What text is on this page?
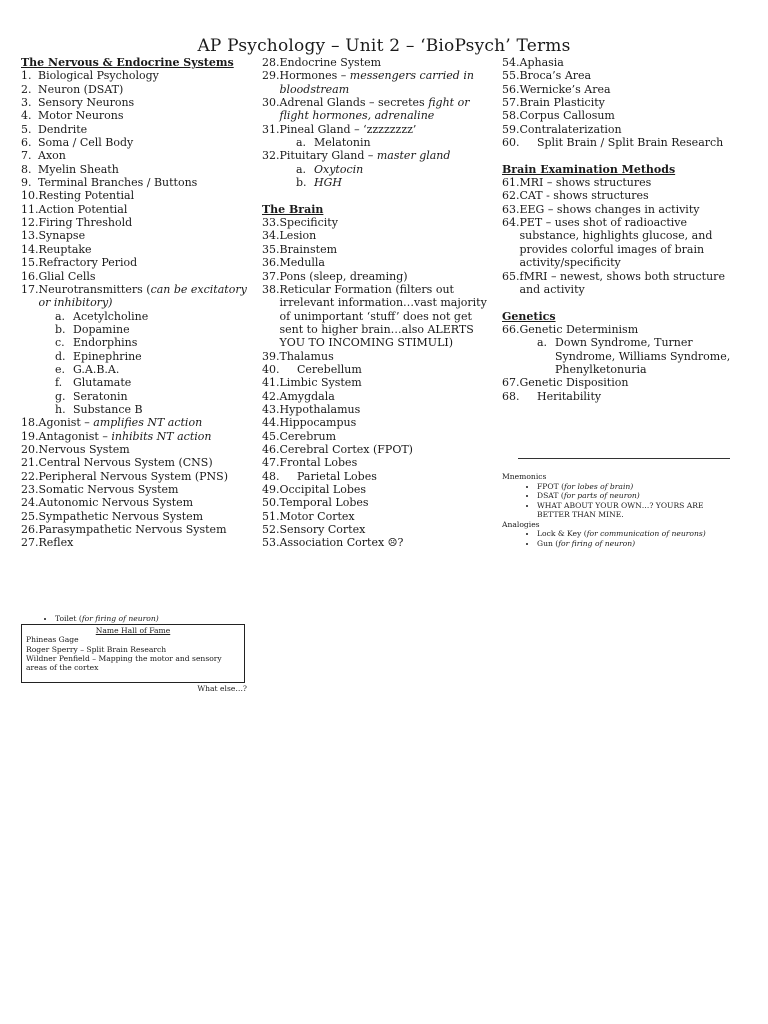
AP Psychology – Unit 2 – ‘BioPsych’ Terms
The Nervous & Endocrine Systems
1. Biological Psychology
2. Neuron (DSAT)
3. Sensory Neurons
4. Motor Neurons
5. Dendrite
6. Soma / Cell Body
7. Axon
8. Myelin Sheath
9. Terminal Branches / Buttons
10. Resting Potential
11. Action Potential
12. Firing Threshold
13. Synapse
14. Reuptake
15. Refractory Period
16. Glial Cells
17. Neurotransmitters (can be excitatory or inhibitory)
a. Acetylcholine
b. Dopamine
c. Endorphins
d. Epinephrine
e. G.A.B.A.
f. Glutamate
g. Seratonin
h. Substance B
18. Agonist – amplifies NT action
19. Antagonist – inhibits NT action
20. Nervous System
21. Central Nervous System (CNS)
22. Peripheral Nervous System (PNS)
23. Somatic Nervous System
24. Autonomic Nervous System
25. Sympathetic Nervous System
26. Parasympathetic Nervous System
27. Reflex
28. Endocrine System
29. Hormones – messengers carried in bloodstream
30. Adrenal Glands – secretes fight or flight hormones, adrenaline
31. Pineal Gland – ‘zzzzzzzz’
a. Melatonin
32. Pituitary Gland – master gland
a. Oxytocin
b. HGH
The Brain
33. Specificity
34. Lesion
35. Brainstem
36. Medulla
37. Pons (sleep, dreaming)
38. Reticular Formation (filters out irrelevant information…vast majority of unimportant ‘stuff’ does not get sent to higher brain…also ALERTS YOU TO INCOMING STIMULI)
39. Thalamus
40. Cerebellum
41. Limbic System
42. Amygdala
43. Hypothalamus
44. Hippocampus
45. Cerebrum
46. Cerebral Cortex (FPOT)
47. Frontal Lobes
48. Parietal Lobes
49. Occipital Lobes
50. Temporal Lobes
51. Motor Cortex
52. Sensory Cortex
53. Association Cortex ☹?
54. Aphasia
55. Broca’s Area
56. Wernicke’s Area
57. Brain Plasticity
58. Corpus Callosum
59. Contralaterization
60. Split Brain / Split Brain Research
Brain Examination Methods
61. MRI – shows structures
62. CAT - shows structures
63. EEG – shows changes in activity
64. PET – uses shot of radioactive substance, highlights glucose, and provides colorful images of brain activity/specificity
65. fMRI – newest, shows both structure and activity
Genetics
66. Genetic Determinism
a. Down Syndrome, Turner Syndrome, Williams Syndrome, Phenylketonuria
67. Genetic Disposition
68. Heritability
Mnemonics
• FPOT (for lobes of brain)
• DSAT (for parts of neuron)
• WHAT ABOUT YOUR OWN…? YOURS ARE BETTER THAN MINE.
Analogies
• Lock & Key (for communication of neurons)
• Gun (for firing of neuron)
• Toilet (for firing of neuron)
Name Hall of Fame
Phineas Gage
Roger Sperry – Split Brain Research
Wildner Penfield – Mapping the motor and sensory areas of the cortex
What else…?
